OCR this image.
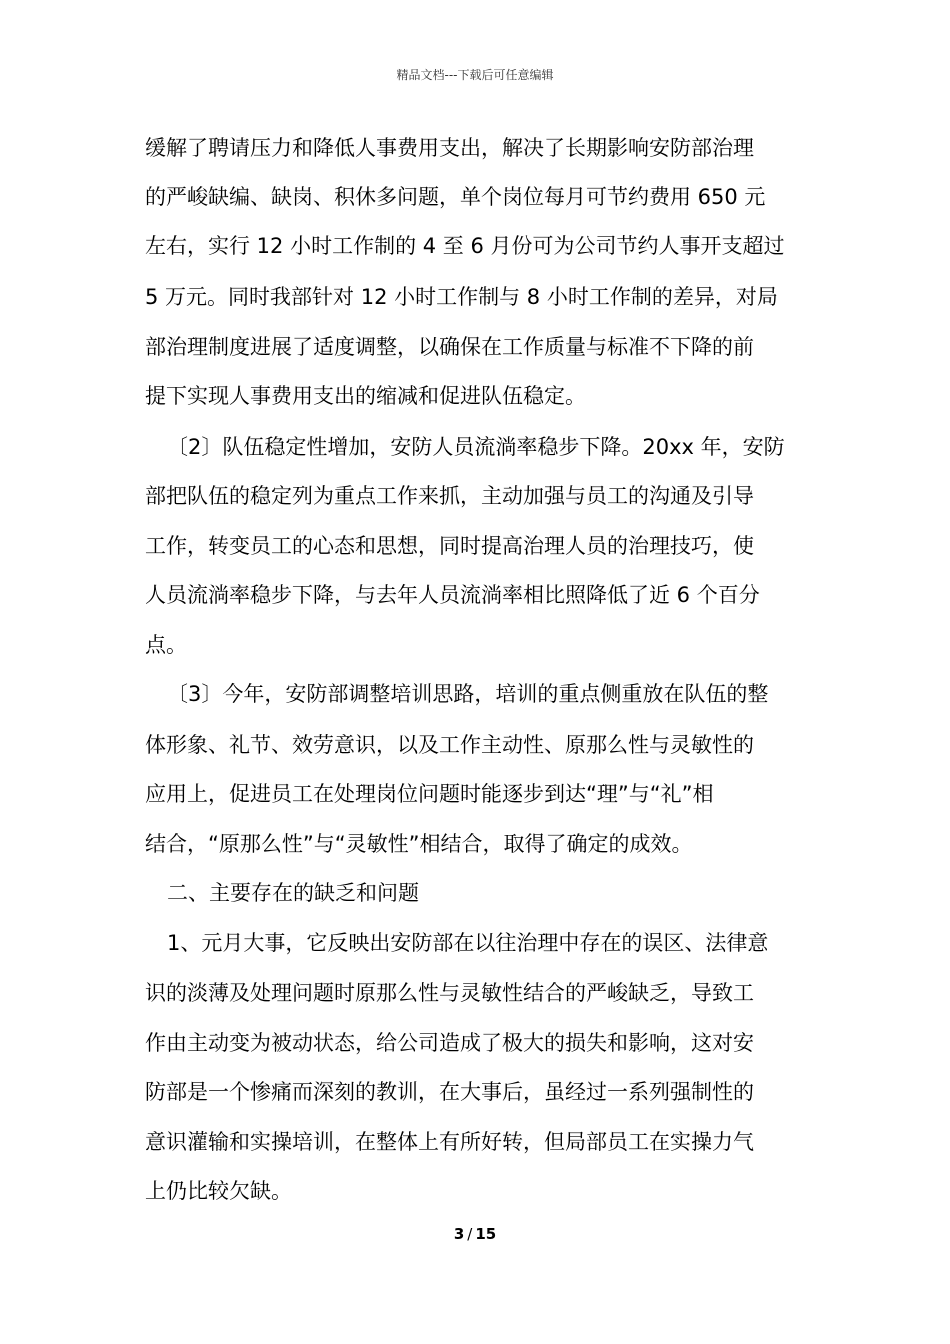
精品文档---下载后可任意编辑
缓解了聘请压力和降低人事费用支出，解决了长期影响安防部治理
的严峻缺编、缺岗、积休多问题，单个岗位每月可节约费用 650 元
左右，实行 12 小时工作制的 4 至 6 月份可为公司节约人事开支超过
5 万元。同时我部针对 12 小时工作制与 8 小时工作制的差异，对局
部治理制度进展了适度调整，以确保在工作质量与标准不下降的前
提下实现人事费用支出的缩减和促进队伍稳定。
〔2〕队伍稳定性增加，安防人员流淌率稳步下降。20xx 年，安防
部把队伍的稳定列为重点工作来抓，主动加强与员工的沟通及引导
工作，转变员工的心态和思想，同时提高治理人员的治理技巧，使
人员流淌率稳步下降，与去年人员流淌率相比照降低了近 6 个百分
点。
〔3〕今年，安防部调整培训思路，培训的重点侧重放在队伍的整
体形象、礼节、效劳意识，以及工作主动性、原那么性与灵敏性的
应用上，促进员工在处理岗位问题时能逐步到达“理”与“礼”相
结合，“原那么性”与“灵敏性”相结合，取得了确定的成效。
二、主要存在的缺乏和问题
1、元月大事，它反映出安防部在以往治理中存在的误区、法律意
识的淡薄及处理问题时原那么性与灵敏性结合的严峻缺乏，导致工
作由主动变为被动状态，给公司造成了极大的损失和影响，这对安
防部是一个惨痛而深刻的教训，在大事后，虽经过一系列强制性的
意识灌输和实操培训，在整体上有所好转，但局部员工在实操力气
上仍比较欠缺。
3 / 15
